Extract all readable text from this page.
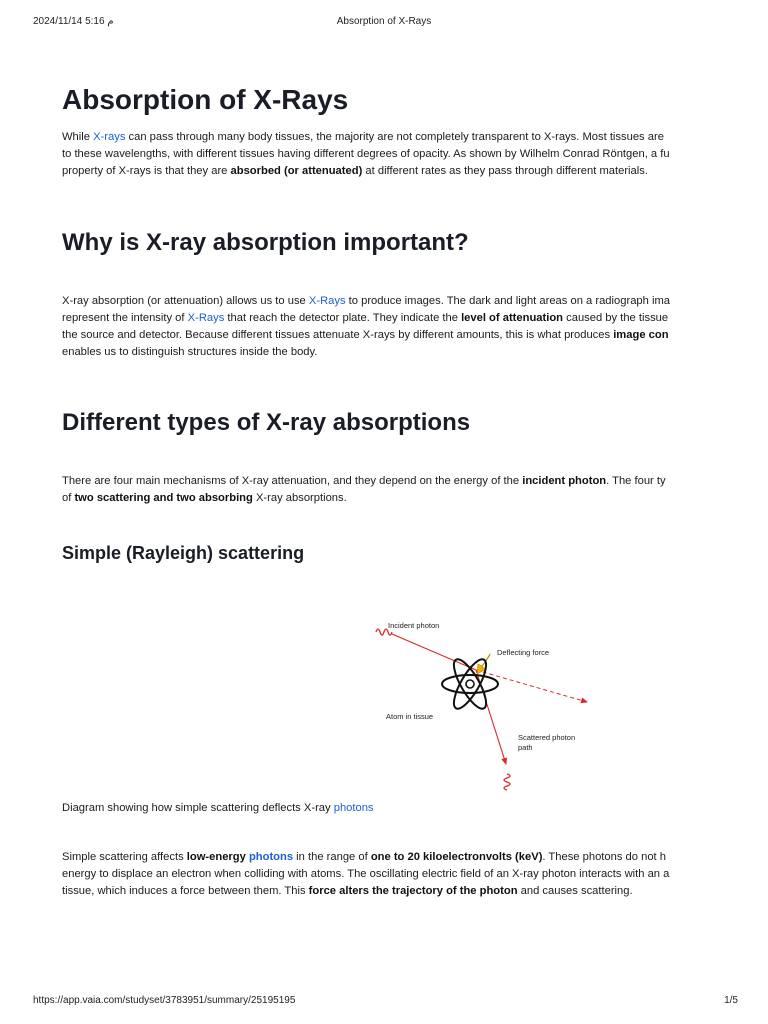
م 5:16 2024/11/14	Absorption of X-Rays
Absorption of X-Rays
While X-rays can pass through many body tissues, the majority are not completely transparent to X-rays. Most tissues are
to these wavelengths, with different tissues having different degrees of opacity. As shown by Wilhelm Conrad Röntgen, a fu
property of X-rays is that they are absorbed (or attenuated) at different rates as they pass through different materials.
Why is X-ray absorption important?
X-ray absorption (or attenuation) allows us to use X-Rays to produce images. The dark and light areas on a radiograph ima
represent the intensity of X-Rays that reach the detector plate. They indicate the level of attenuation caused by the tissue
the source and detector. Because different tissues attenuate X-rays by different amounts, this is what produces image con
enables us to distinguish structures inside the body.
Different types of X-ray absorptions
There are four main mechanisms of X-ray attenuation, and they depend on the energy of the incident photon. The four ty
of two scattering and two absorbing X-ray absorptions.
Simple (Rayleigh) scattering
Incident photon
Deflecting force
Atom in tissue
Scattered photon
path
Diagram showing how simple scattering deflects X-ray photons
Simple scattering affects low-energy photons in the range of one to 20 kiloelectronvolts (keV). These photons do not h
energy to displace an electron when colliding with atoms. The oscillating electric field of an X-ray photon interacts with an a
tissue, which induces a force between them. This force alters the trajectory of the photon and causes scattering.
https://app.vaia.com/studyset/3783951/summary/25195195	1/5
